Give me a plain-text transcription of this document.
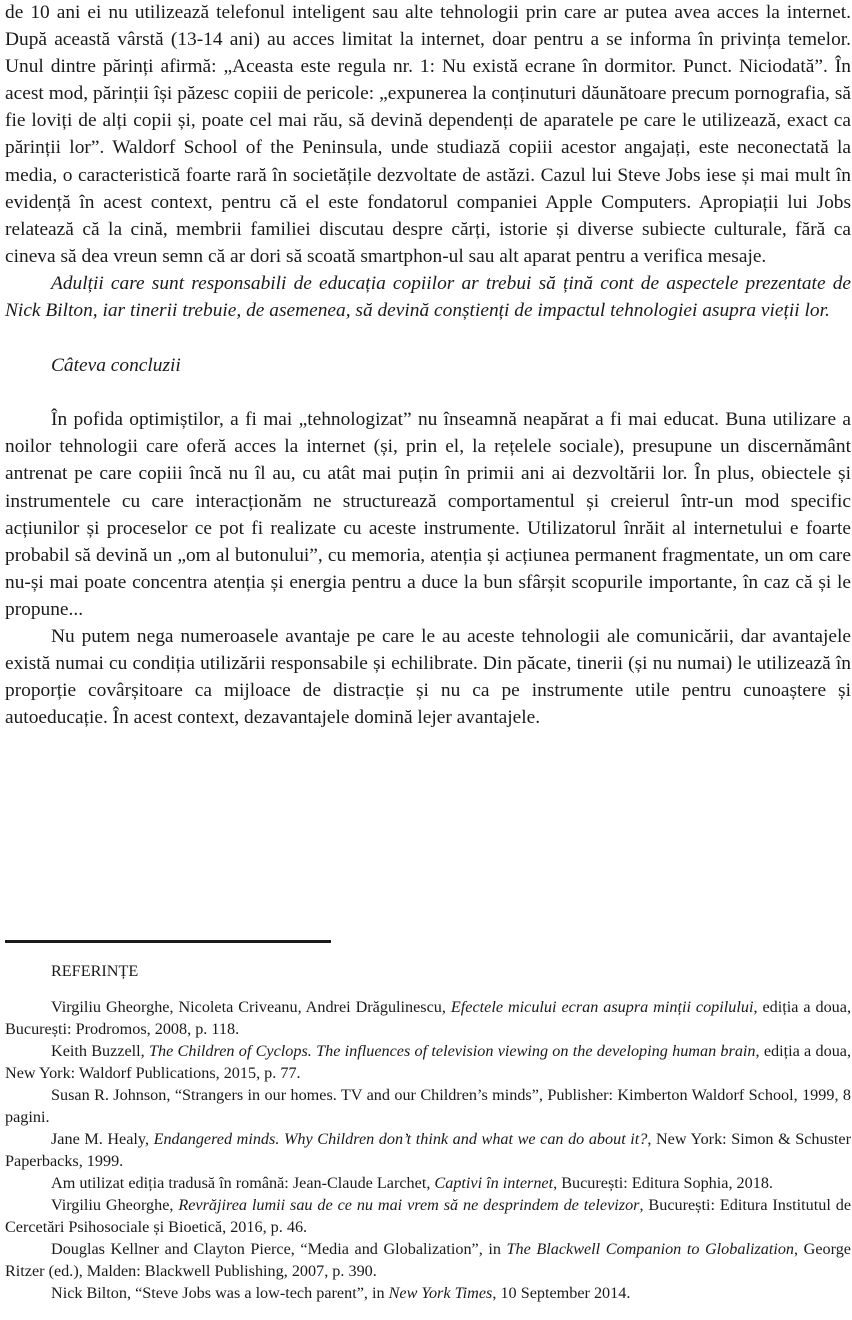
de 10 ani ei nu utilizează telefonul inteligent sau alte tehnologii prin care ar putea avea acces la internet. După această vârstă (13-14 ani) au acces limitat la internet, doar pentru a se informa în privința temelor. Unul dintre părinți afirmă: „Aceasta este regula nr. 1: Nu există ecrane în dormitor. Punct. Niciodată”. În acest mod, părinții își păzesc copiii de pericole: „expunerea la conținuturi dăunătoare precum pornografia, să fie loviți de alți copii și, poate cel mai rău, să devină dependenți de aparatele pe care le utilizează, exact ca părinții lor”. Waldorf School of the Peninsula, unde studiază copiii acestor angajați, este neconectată la media, o caracteristică foarte rară în societățile dezvoltate de astăzi. Cazul lui Steve Jobs iese și mai mult în evidență în acest context, pentru că el este fondatorul companiei Apple Computers. Apropiații lui Jobs relatează că la cină, membrii familiei discutau despre cărți, istorie și diverse subiecte culturale, fără ca cineva să dea vreun semn că ar dori să scoată smartphon-ul sau alt aparat pentru a verifica mesaje.

Adulții care sunt responsabili de educația copiilor ar trebui să țină cont de aspectele prezentate de Nick Bilton, iar tinerii trebuie, de asemenea, să devină conștienți de impactul tehnologiei asupra vieții lor.

Câteva concluzii

În pofida optimiștilor, a fi mai „tehnologizat” nu înseamnă neapărat a fi mai educat. Buna utilizare a noilor tehnologii care oferă acces la internet (și, prin el, la rețelele sociale), presupune un discernământ antrenat pe care copiii încă nu îl au, cu atât mai puțin în primii ani ai dezvoltării lor. În plus, obiectele și instrumentele cu care interacționăm ne structurează comportamentul și creierul într-un mod specific acțiunilor și proceselor ce pot fi realizate cu aceste instrumente. Utilizatorul înrăit al internetului e foarte probabil să devină un „om al butonului”, cu memoria, atenția și acțiunea permanent fragmentate, un om care nu-și mai poate concentra atenția și energia pentru a duce la bun sfârșit scopurile importante, în caz că și le propune...

Nu putem nega numeroasele avantaje pe care le au aceste tehnologii ale comunicării, dar avantajele există numai cu condiția utilizării responsabile și echilibrate. Din păcate, tinerii (și nu numai) le utilizează în proporție covârșitoare ca mijloace de distracție și nu ca pe instrumente utile pentru cunoaștere și autoeducație. În acest context, dezavantajele domină lejer avantajele.

REFERINȚE

Virgiliu Gheorghe, Nicoleta Criveanu, Andrei Drăgulinescu, Efectele micului ecran asupra minții copilului, ediția a doua, București: Prodromos, 2008, p. 118.

Keith Buzzell, The Children of Cyclops. The influences of television viewing on the developing human brain, ediția a doua, New York: Waldorf Publications, 2015, p. 77.

Susan R. Johnson, “Strangers in our homes. TV and our Children’s minds”, Publisher: Kimberton Waldorf School, 1999, 8 pagini.

Jane M. Healy, Endangered minds. Why Children don’t think and what we can do about it?, New York: Simon & Schuster Paperbacks, 1999.

Am utilizat ediția tradusă în română: Jean-Claude Larchet, Captivi în internet, București: Editura Sophia, 2018.

Virgiliu Gheorghe, Revrăjirea lumii sau de ce nu mai vrem să ne desprindem de televizor, București: Editura Institutul de Cercetări Psihosociale și Bioetică, 2016, p. 46.

Douglas Kellner and Clayton Pierce, “Media and Globalization”, in The Blackwell Companion to Globalization, George Ritzer (ed.), Malden: Blackwell Publishing, 2007, p. 390.

Nick Bilton, “Steve Jobs was a low-tech parent”, in New York Times, 10 September 2014.
